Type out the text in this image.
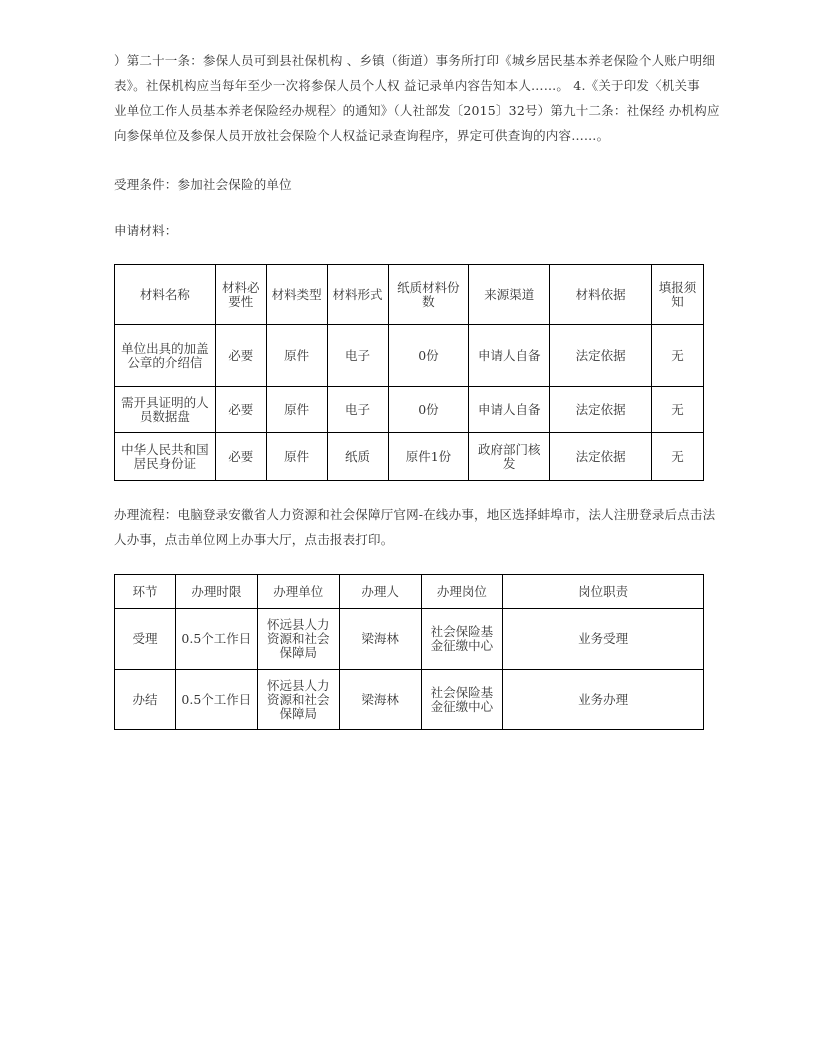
）第二十一条：参保人员可到县社保机构 、乡镇（街道）事务所打印《城乡居民基本养老保险个人账户明细
表》。社保机构应当每年至少一次将参保人员个人权 益记录单内容告知本人……。 4.《关于印发〈机关事
业单位工作人员基本养老保险经办规程〉的通知》（人社部发〔2015〕32号）第九十二条：社保经 办机构应
向参保单位及参保人员开放社会保险个人权益记录查询程序，界定可供查询的内容……。
受理条件：参加社会保险的单位
申请材料：
材料名称	材料必要性	材料类型	材料形式	纸质材料份数	来源渠道	材料依据	填报须知
单位出具的加盖公章的介绍信	必要	原件	电子	0份	申请人自备	法定依据	无
需开具证明的人员数据盘	必要	原件	电子	0份	申请人自备	法定依据	无
中华人民共和国居民身份证	必要	原件	纸质	原件1份	政府部门核发	法定依据	无
办理流程：电脑登录安徽省人力资源和社会保障厅官网-在线办事，地区选择蚌埠市，法人注册登录后点击法
人办事，点击单位网上办事大厅，点击报表打印。
环节	办理时限	办理单位	办理人	办理岗位	岗位职责
受理	0.5个工作日	怀远县人力资源和社会保障局	梁海林	社会保险基金征缴中心	业务受理
办结	0.5个工作日	怀远县人力资源和社会保障局	梁海林	社会保险基金征缴中心	业务办理
